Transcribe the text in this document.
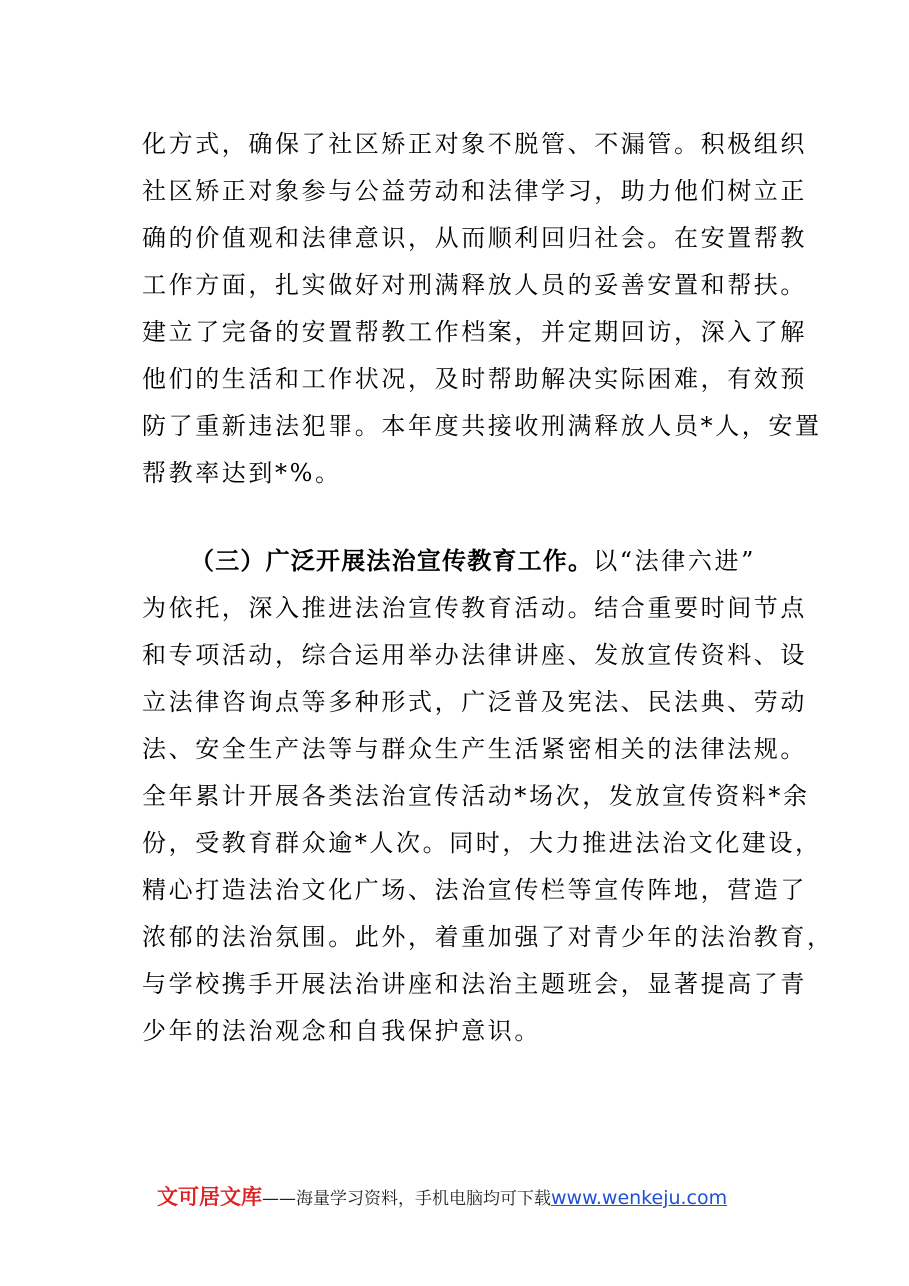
化方式，确保了社区矫正对象不脱管、不漏管。积极组织
社区矫正对象参与公益劳动和法律学习，助力他们树立正
确的价值观和法律意识，从而顺利回归社会。在安置帮教
工作方面，扎实做好对刑满释放人员的妥善安置和帮扶。
建立了完备的安置帮教工作档案，并定期回访，深入了解
他们的生活和工作状况，及时帮助解决实际困难，有效预
防了重新违法犯罪。本年度共接收刑满释放人员*人，安置
帮教率达到*%。
（三）广泛开展法治宣传教育工作。以“法律六进”
为依托，深入推进法治宣传教育活动。结合重要时间节点
和专项活动，综合运用举办法律讲座、发放宣传资料、设
立法律咨询点等多种形式，广泛普及宪法、民法典、劳动
法、安全生产法等与群众生产生活紧密相关的法律法规。
全年累计开展各类法治宣传活动*场次，发放宣传资料*余
份，受教育群众逾*人次。同时，大力推进法治文化建设，
精心打造法治文化广场、法治宣传栏等宣传阵地，营造了
浓郁的法治氛围。此外，着重加强了对青少年的法治教育，
与学校携手开展法治讲座和法治主题班会，显著提高了青
少年的法治观念和自我保护意识。
文可居文库——海量学习资料，手机电脑均可下载www.wenkeju.com
